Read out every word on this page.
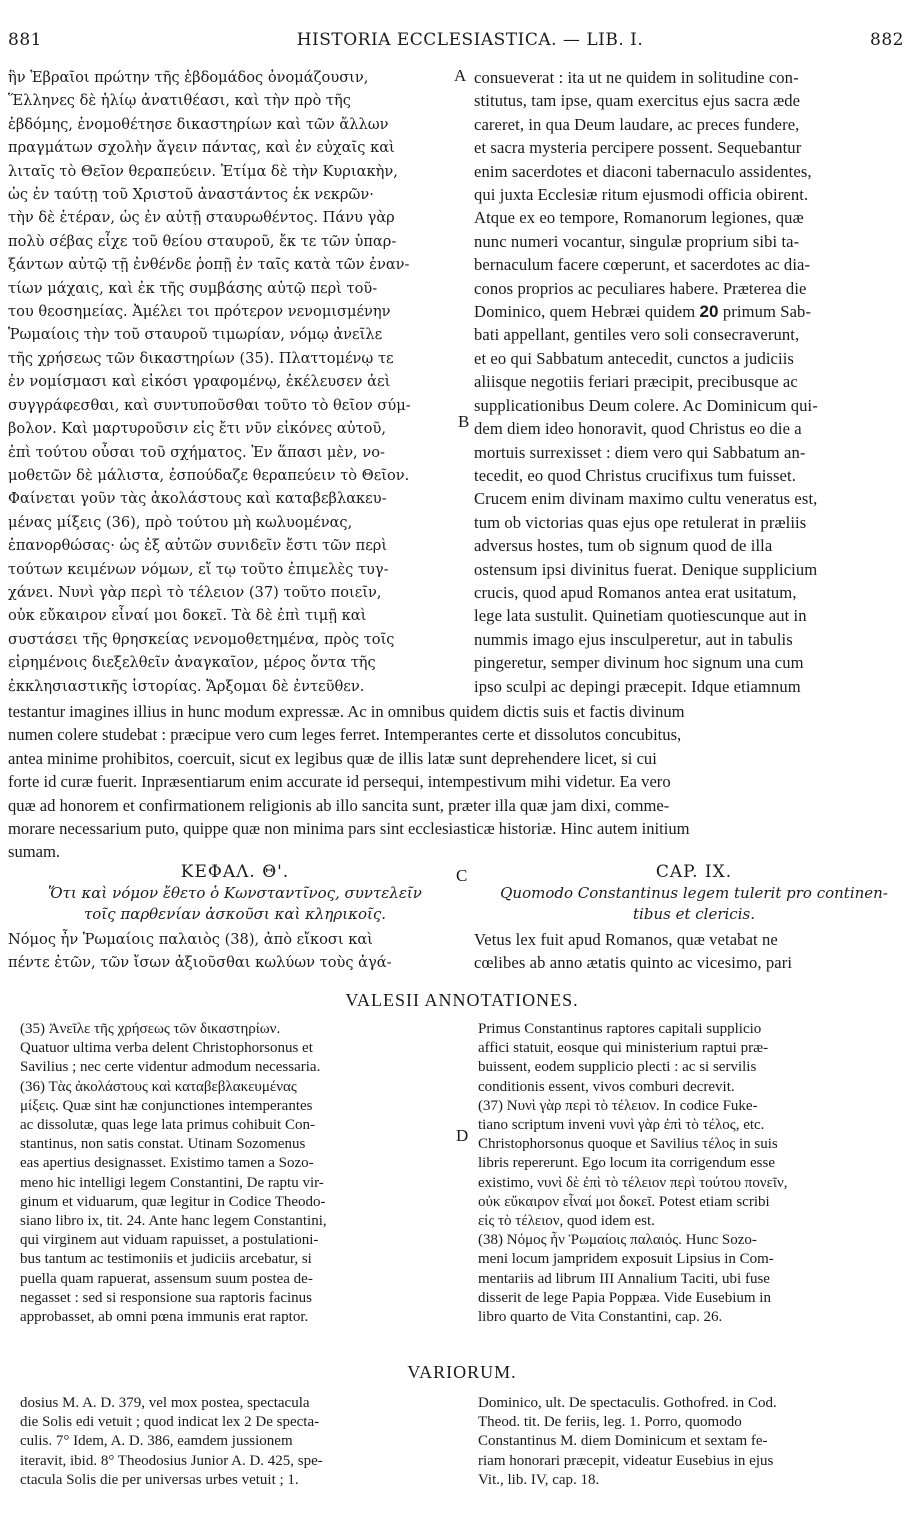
881	HISTORIA ECCLESIASTICA. — LIB. I.	882
ἣν Ἑβραῖοι πρώτην τῆς ἑβδομάδος ὀνομάζουσιν,
Ἕλληνες δὲ ἡλίῳ ἀνατιθέασι, καὶ τὴν πρὸ τῆς
ἑβδόμης, ἐνομοθέτησε δικαστηρίων καὶ τῶν ἄλλων
πραγμάτων σχολὴν ἄγειν πάντας, καὶ ἐν εὐχαῖς καὶ
λιταῖς τὸ Θεῖον θεραπεύειν. Ἐτίμα δὲ τὴν Κυριακὴν,
ὡς ἐν ταύτῃ τοῦ Χριστοῦ ἀναστάντος ἐκ νεκρῶν·
τὴν δὲ ἑτέραν, ὡς ἐν αὐτῇ σταυρωθέντος. Πάνυ γὰρ
πολὺ σέβας εἶχε τοῦ θείου σταυροῦ, ἔκ τε τῶν ὑπαρ-
ξάντων αὐτῷ τῇ ἐνθένδε ῥοπῇ ἐν ταῖς κατὰ τῶν ἐναν-
τίων μάχαις, καὶ ἐκ τῆς συμβάσης αὐτῷ περὶ τοῦ-
του θεοσημείας. Ἀμέλει τοι πρότερον νενομισμένην
Ῥωμαίοις τὴν τοῦ σταυροῦ τιμωρίαν, νόμῳ ἀνεῖλε
τῆς χρήσεως τῶν δικαστηρίων (35). Πλαττομένῳ τε
ἐν νομίσμασι καὶ εἰκόσι γραφομένῳ, ἐκέλευσεν ἀεὶ
συγγράφεσθαι, καὶ συντυποῦσθαι τοῦτο τὸ θεῖον σύμ-
βολον. Καὶ μαρτυροῦσιν εἰς ἔτι νῦν εἰκόνες αὐτοῦ,
ἐπὶ τούτου οὖσαι τοῦ σχήματος. Ἐν ἅπασι μὲν, νο-
μοθετῶν δὲ μάλιστα, ἐσπούδαζε θεραπεύειν τὸ Θεῖον.
Φαίνεται γοῦν τὰς ἀκολάστους καὶ καταβεβλακευ-
μένας μίξεις (36), πρὸ τούτου μὴ κωλυομένας,
ἐπανορθώσας· ὡς ἐξ αὐτῶν συνιδεῖν ἔστι τῶν περὶ
τούτων κειμένων νόμων, εἴ τῳ τοῦτο ἐπιμελὲς τυγ-
χάνει. Νυνὶ γὰρ περὶ τὸ τέλειον (37) τοῦτο ποιεῖν,
οὐκ εὔκαιρον εἶναί μοι δοκεῖ. Τὰ δὲ ἐπὶ τιμῇ καὶ
συστάσει τῆς θρησκείας νενομοθετημένα, πρὸς τοῖς
εἰρημένοις διεξελθεῖν ἀναγκαῖον, μέρος ὄντα τῆς
ἐκκλησιαστικῆς ἱστορίας. Ἄρξομαι δὲ ἐντεῦθεν.
A
B
consueverat : ita ut ne quidem in solitudine con-
stitutus, tam ipse, quam exercitus ejus sacra æde
careret, in qua Deum laudare, ac preces fundere,
et sacra mysteria percipere possent. Sequebantur
enim sacerdotes et diaconi tabernaculo assidentes,
qui juxta Ecclesiæ ritum ejusmodi officia obirent.
Atque ex eo tempore, Romanorum legiones, quæ
nunc numeri vocantur, singulæ proprium sibi ta-
bernaculum facere cœperunt, et sacerdotes ac dia-
conos proprios ac peculiares habere. Præterea die
Dominico, quem Hebræi quidem 20 primum Sab-
bati appellant, gentiles vero soli consecraverunt,
et eo qui Sabbatum antecedit, cunctos a judiciis
aliisque negotiis feriari præcipit, precibusque ac
supplicationibus Deum colere. Ac Dominicum qui-
dem diem ideo honoravit, quod Christus eo die a
mortuis surrexisset : diem vero qui Sabbatum an-
tecedit, eo quod Christus crucifixus tum fuisset.
Crucem enim divinam maximo cultu veneratus est,
tum ob victorias quas ejus ope retulerat in præliis
adversus hostes, tum ob signum quod de illa
ostensum ipsi divinitus fuerat. Denique supplicium
crucis, quod apud Romanos antea erat usitatum,
lege lata sustulit. Quinetiam quotiescunque aut in
nummis imago ejus insculperetur, aut in tabulis
pingeretur, semper divinum hoc signum una cum
ipso sculpi ac depingi præcepit. Idque etiamnum
testantur imagines illius in hunc modum expressæ. Ac in omnibus quidem dictis suis et factis divinum
numen colere studebat : præcipue vero cum leges ferret. Intemperantes certe et dissolutos concubitus,
antea minime prohibitos, coercuit, sicut ex legibus quæ de illis latæ sunt deprehendere licet, si cui
forte id curæ fuerit. Inpræsentiarum enim accurate id persequi, intempestivum mihi videtur. Ea vero
quæ ad honorem et confirmationem religionis ab illo sancita sunt, præter illa quæ jam dixi, comme-
morare necessarium puto, quippe quæ non minima pars sint ecclesiasticæ historiæ. Hinc autem initium
sumam.
ΚΕΦΑΛ. Θ'.
Ὅτι καὶ νόμον ἔθετο ὁ Κωνσταντῖνος, συντελεῖν
τοῖς παρθενίαν ἀσκοῦσι καὶ κληρικοῖς.
C	CAP. IX.
Quomodo Constantinus legem tulerit pro continen-
tibus et clericis.
Νόμος ἦν Ῥωμαίοις παλαιὸς (38), ἀπὸ εἴκοσι καὶ
πέντε ἐτῶν, τῶν ἴσων ἀξιοῦσθαι κωλύων τοὺς ἀγά-
Vetus lex fuit apud Romanos, quæ vetabat ne
cœlibes ab anno ætatis quinto ac vicesimo, pari
VALESII ANNOTATIONES.
(35) Ἀνεῖλε τῆς χρήσεως τῶν δικαστηρίων.
Quatuor ultima verba delent Christophorsonus et
Savilius ; nec certe videntur admodum necessaria.
(36) Τὰς ἀκολάστους καὶ καταβεβλακευμένας
μίξεις. Quæ sint hæ conjunctiones intemperantes
ac dissolutæ, quas lege lata primus cohibuit Con-
stantinus, non satis constat. Utinam Sozomenus
eas apertius designasset. Existimo tamen a Sozo-
meno hic intelligi legem Constantini, De raptu vir-
ginum et viduarum, quæ legitur in Codice Theodo-
siano libro ix, tit. 24. Ante hanc legem Constantini,
qui virginem aut viduam rapuisset, a postulationi-
bus tantum ac testimoniis et judiciis arcebatur, si
puella quam rapuerat, assensum suum postea de-
negasset : sed si responsione sua raptoris facinus
approbasset, ab omni pœna immunis erat raptor.
D
Primus Constantinus raptores capitali supplicio
affici statuit, eosque qui ministerium raptui præ-
buissent, eodem supplicio plecti : ac si servilis
conditionis essent, vivos comburi decrevit.
(37) Νυνὶ γὰρ περὶ τὸ τέλειον. In codice Fuke-
tiano scriptum inveni νυνὶ γὰρ ἐπὶ τὸ τέλος, etc.
Christophorsonus quoque et Savilius τέλος in suis
libris repererunt. Ego locum ita corrigendum esse
existimo, νυνὶ δὲ ἐπὶ τὸ τέλειον περὶ τούτου πονεῖν,
οὐκ εὔκαιρον εἶναί μοι δοκεῖ. Potest etiam scribi
εἰς τὸ τέλειον, quod idem est.
(38) Νόμος ἦν Ῥωμαίοις παλαιός. Hunc Sozo-
meni locum jampridem exposuit Lipsius in Com-
mentariis ad librum III Annalium Taciti, ubi fuse
disserit de lege Papia Poppæa. Vide Eusebium in
libro quarto de Vita Constantini, cap. 26.
VARIORUM.
dosius M. A. D. 379, vel mox postea, spectacula
die Solis edi vetuit ; quod indicat lex 2 De specta-
culis. 7° Idem, A. D. 386, eamdem jussionem
iteravit, ibid. 8° Theodosius Junior A. D. 425, spe-
ctacula Solis die per universas urbes vetuit ; 1.
Dominico, ult. De spectaculis. Gothofred. in Cod.
Theod. tit. De feriis, leg. 1. Porro, quomodo
Constantinus M. diem Dominicum et sextam fe-
riam honorari præcepit, videatur Eusebius in ejus
Vit., lib. IV, cap. 18.
